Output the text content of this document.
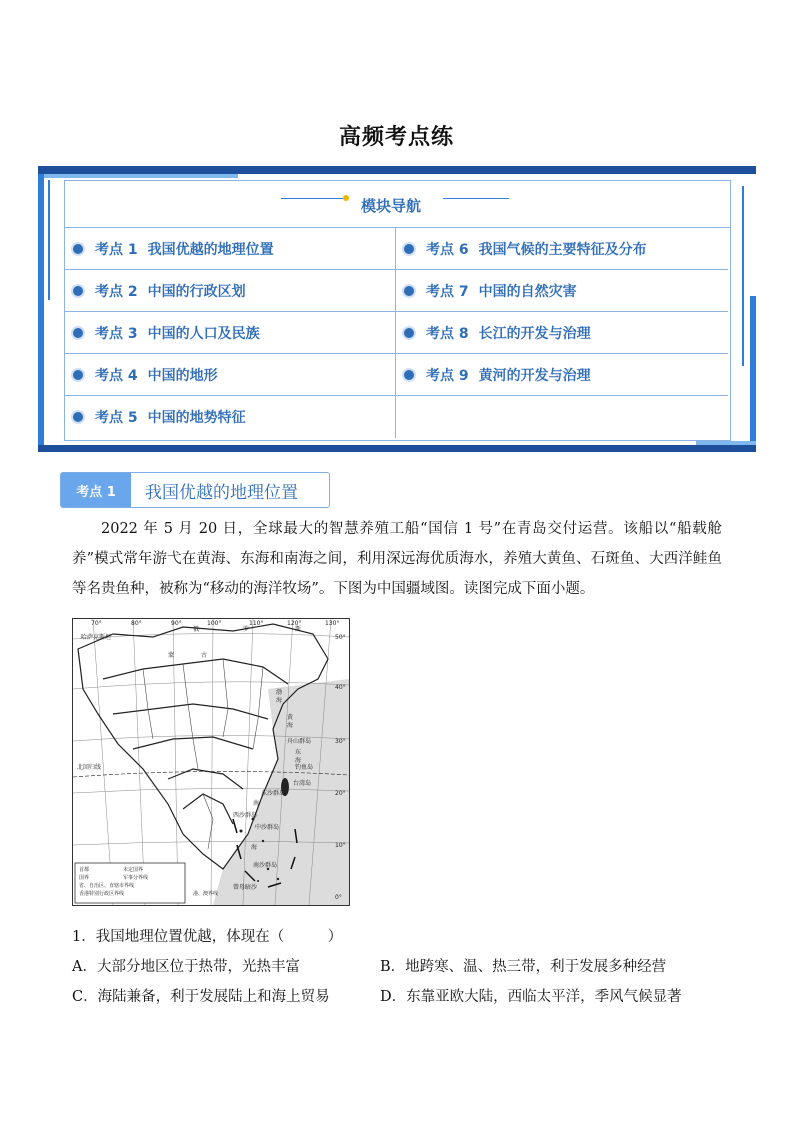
高频考点练
模块导航
考点 1 我国优越的地理位置	考点 6 我国气候的主要特征及分布
考点 2 中国的行政区划	考点 7 中国的自然灾害
考点 3 中国的人口及民族	考点 8 长江的开发与治理
考点 4 中国的地形	考点 9 黄河的开发与治理
考点 5 中国的地势特征
考点 1	我国优越的地理位置
2022 年 5 月 20 日，全球最大的智慧养殖工船“国信 1 号”在青岛交付运营。该船以“船载舱养”模式常年游弋在黄海、东海和南海之间，利用深远海优质海水，养殖大黄鱼、石斑鱼、大西洋鲑鱼等名贵鱼种，被称为“移动的海洋牧场”。下图为中国疆域图。读图完成下面小题。
首都	未定国界
国界	军事分界线
省、自治区、直辖市界线
香港特别行政区界线	港、澳界线
70°	80°	90°	100°	110°	120°	130°
50°
40°
30°
20°
10°
0°
哈萨克斯坦
俄	罗	斯
蒙	古
渤
海
黄
海
东
海
南
海
北回归线	钓鱼岛
东沙群岛
西沙群岛
中沙群岛
南沙群岛
曾母暗沙
舟山群岛
台湾岛
1．我国地理位置优越，体现在（　　　）
A．大部分地区位于热带，光热丰富	B．地跨寒、温、热三带，利于发展多种经营
C．海陆兼备，利于发展陆上和海上贸易	D．东靠亚欧大陆，西临太平洋，季风气候显著
